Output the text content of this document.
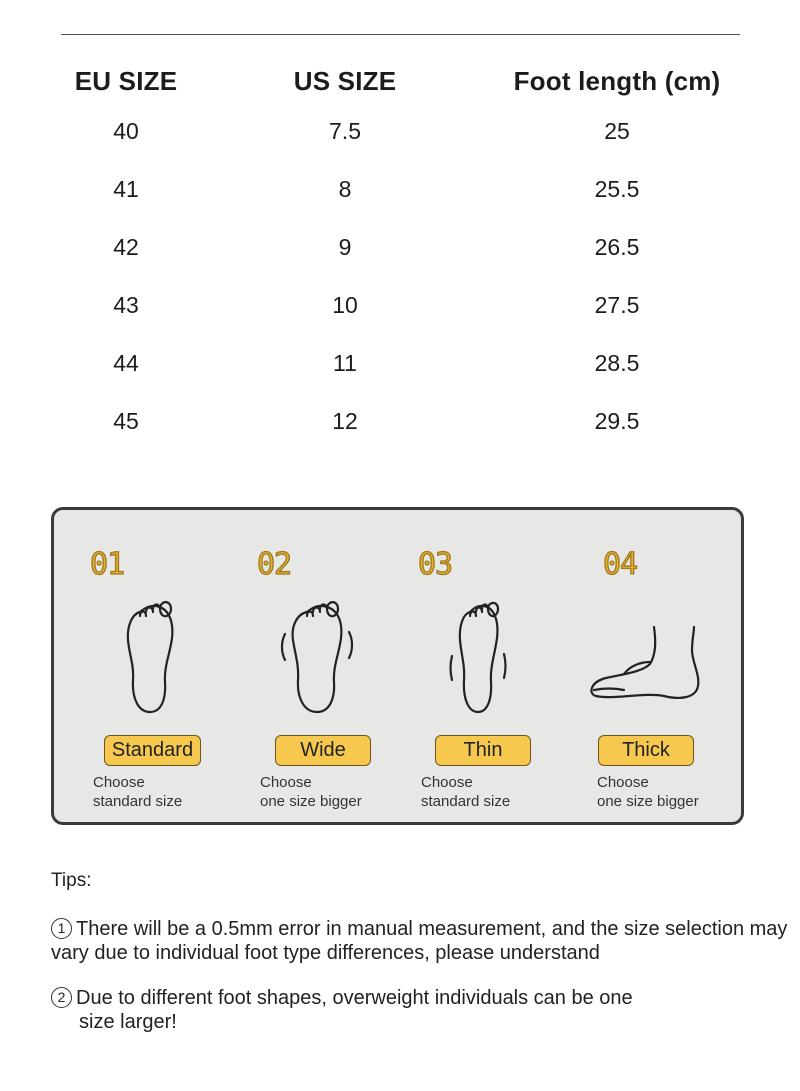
EU SIZE	US SIZE	Foot length (cm)
40	7.5	25
41	8	25.5
42	9	26.5
43	10	27.5
44	11	28.5
45	12	29.5
01
Standard
Choose
standard size
02
Wide
Choose
one size bigger
03
Thin
Choose
standard size
04
Thick
Choose
one size bigger
Tips:
1 There will be a 0.5mm error in manual measurement, and the size selection may vary due to individual foot type differences, please understand
2 Due to different foot shapes, overweight individuals can be one
size larger!
